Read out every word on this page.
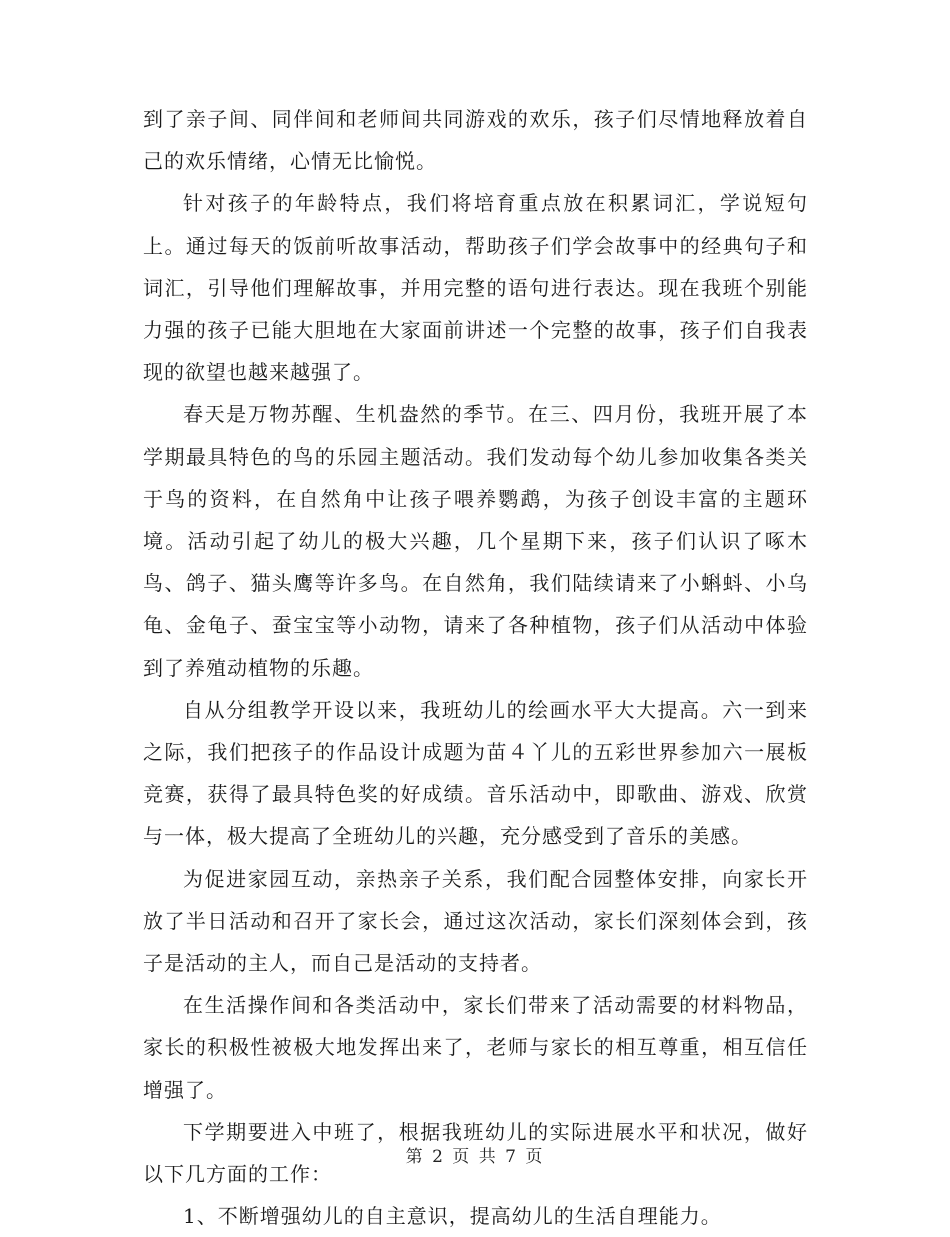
到了亲子间、同伴间和老师间共同游戏的欢乐，孩子们尽情地释放着自己的欢乐情绪，心情无比愉悦。

针对孩子的年龄特点，我们将培育重点放在积累词汇，学说短句上。通过每天的饭前听故事活动，帮助孩子们学会故事中的经典句子和词汇，引导他们理解故事，并用完整的语句进行表达。现在我班个别能力强的孩子已能大胆地在大家面前讲述一个完整的故事，孩子们自我表现的欲望也越来越强了。

春天是万物苏醒、生机盎然的季节。在三、四月份，我班开展了本学期最具特色的鸟的乐园主题活动。我们发动每个幼儿参加收集各类关于鸟的资料，在自然角中让孩子喂养鹦鹉，为孩子创设丰富的主题环境。活动引起了幼儿的极大兴趣，几个星期下来，孩子们认识了啄木鸟、鸽子、猫头鹰等许多鸟。在自然角，我们陆续请来了小蝌蚪、小乌龟、金龟子、蚕宝宝等小动物，请来了各种植物，孩子们从活动中体验到了养殖动植物的乐趣。

自从分组教学开设以来，我班幼儿的绘画水平大大提高。六一到来之际，我们把孩子的作品设计成题为苗４丫儿的五彩世界参加六一展板竞赛，获得了最具特色奖的好成绩。音乐活动中，即歌曲、游戏、欣赏与一体，极大提高了全班幼儿的兴趣，充分感受到了音乐的美感。

为促进家园互动，亲热亲子关系，我们配合园整体安排，向家长开放了半日活动和召开了家长会，通过这次活动，家长们深刻体会到，孩子是活动的主人，而自己是活动的支持者。

在生活操作间和各类活动中，家长们带来了活动需要的材料物品，家长的积极性被极大地发挥出来了，老师与家长的相互尊重，相互信任增强了。

下学期要进入中班了，根据我班幼儿的实际进展水平和状况，做好以下几方面的工作：

1、不断增强幼儿的自主意识，提高幼儿的生活自理能力。

第 2 页 共 7 页
